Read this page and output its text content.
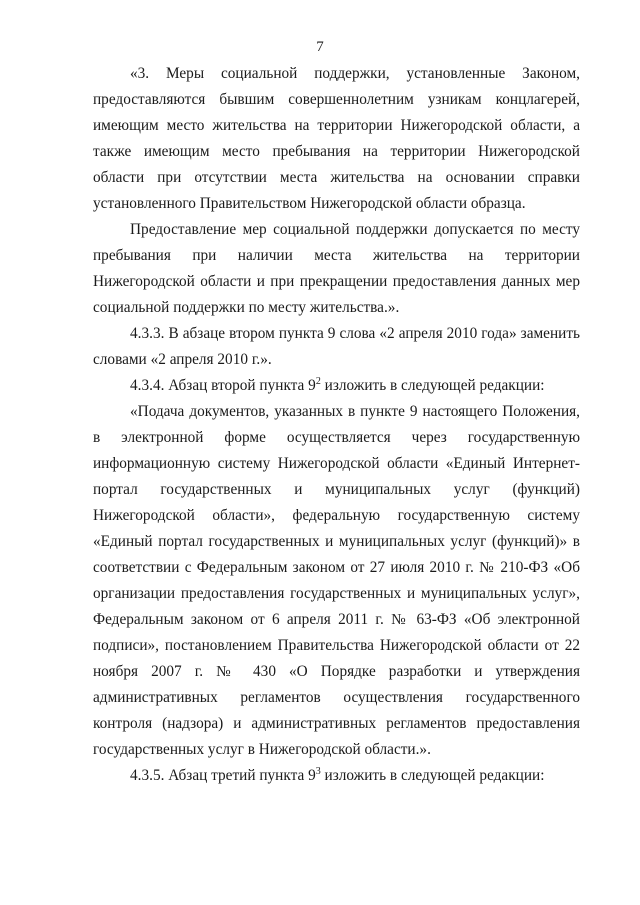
7

«3. Меры социальной поддержки, установленные Законом, предоставляются бывшим совершеннолетним узникам концлагерей, имеющим место жительства на территории Нижегородской области, а также имеющим место пребывания на территории Нижегородской области при отсутствии места жительства на основании справки установленного Правительством Нижегородской области образца.

Предоставление мер социальной поддержки допускается по месту пребывания при наличии места жительства на территории Нижегородской области и при прекращении предоставления данных мер социальной поддержки по месту жительства.».

4.3.3. В абзаце втором пункта 9 слова «2 апреля 2010 года» заменить словами «2 апреля 2010 г.».

4.3.4. Абзац второй пункта $9^2$ изложить в следующей редакции:

«Подача документов, указанных в пункте 9 настоящего Положения, в электронной форме осуществляется через государственную информационную систему Нижегородской области «Единый Интернет-портал государственных и муниципальных услуг (функций) Нижегородской области», федеральную государственную систему «Единый портал государственных и муниципальных услуг (функций)» в соответствии с Федеральным законом от 27 июля 2010 г. № 210-ФЗ «Об организации предоставления государственных и муниципальных услуг», Федеральным законом от 6 апреля 2011 г. № 63-ФЗ «Об электронной подписи», постановлением Правительства Нижегородской области от 22 ноября 2007 г. № 430 «О Порядке разработки и утверждения административных регламентов осуществления государственного контроля (надзора) и административных регламентов предоставления государственных услуг в Нижегородской области.».

4.3.5. Абзац третий пункта $9^3$ изложить в следующей редакции:
